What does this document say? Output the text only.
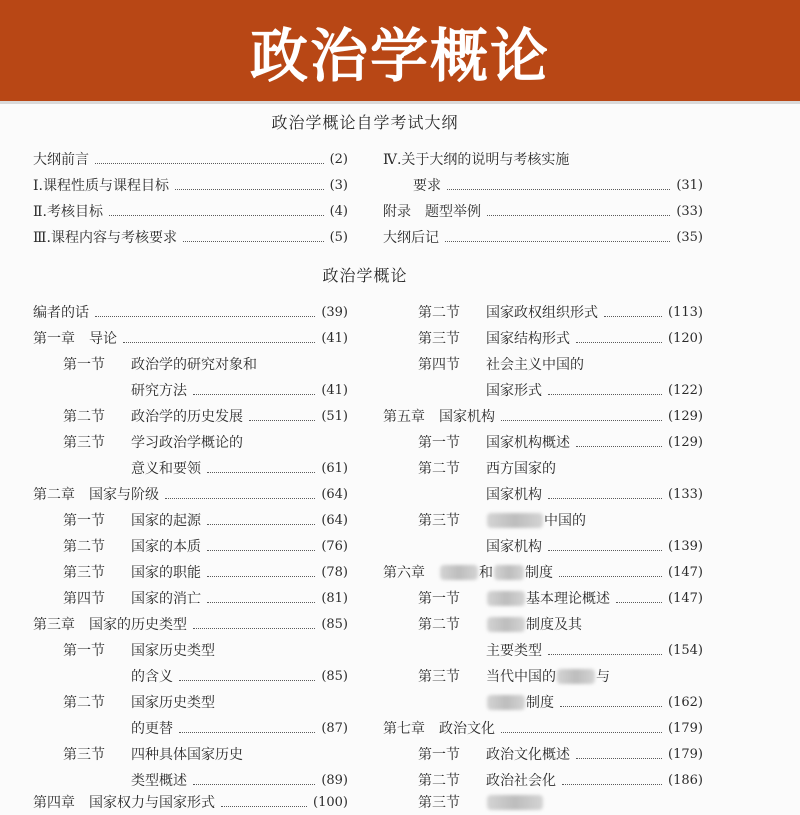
政治学概论
政治学概论自学考试大纲
大纲前言	(2)
Ⅰ.课程性质与课程目标	(3)
Ⅱ.考核目标	(4)
Ⅲ.课程内容与考核要求	(5)
Ⅳ.关于大纲的说明与考核实施
要求	(31)
附录　题型举例	(33)
大纲后记	(35)
政治学概论
编者的话	(39)
第一章　导论	(41)
第一节	政治学的研究对象和
研究方法	(41)
第二节	政治学的历史发展	(51)
第三节	学习政治学概论的
意义和要领	(61)
第二章　国家与阶级	(64)
第一节	国家的起源	(64)
第二节	国家的本质	(76)
第三节	国家的职能	(78)
第四节	国家的消亡	(81)
第三章　国家的历史类型	(85)
第一节	国家历史类型
的含义	(85)
第二节	国家历史类型
的更替	(87)
第三节	四种具体国家历史
类型概述	(89)
第四章　国家权力与国家形式	(100)
第二节	国家政权组织形式	(113)
第三节	国家结构形式	(120)
第四节	社会主义中国的
国家形式	(122)
第五章　国家机构	(129)
第一节	国家机构概述	(129)
第二节	西方国家的
国家机构	(133)
第三节	中国的
国家机构	(139)
第六章	和 制度	(147)
第一节	基本理论概述	(147)
第二节	制度及其
主要类型	(154)
第三节	当代中国的	与
制度	(162)
第七章　政治文化	(179)
第一节	政治文化概述	(179)
第二节	政治社会化	(186)
第三节
